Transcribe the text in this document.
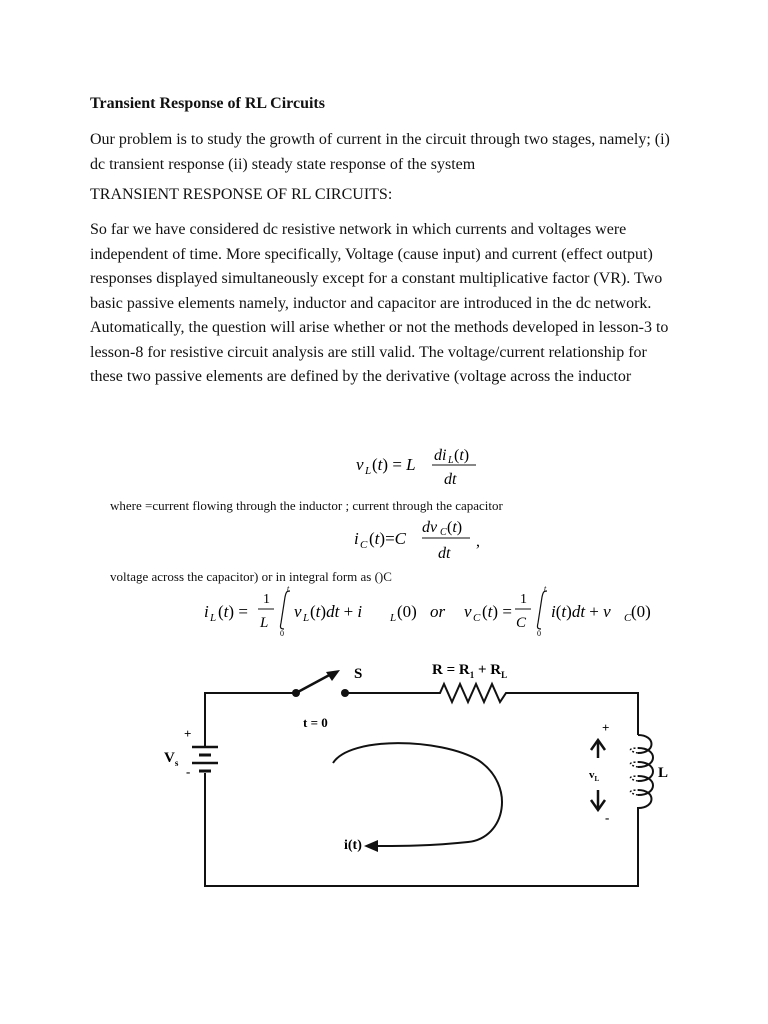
Transient Response of RL Circuits

Our problem is to study the growth of current in the circuit through two stages, namely; (i) dc transient response (ii) steady state response of the system

TRANSIENT RESPONSE OF RL CIRCUITS:

So far we have considered dc resistive network in which currents and voltages were independent of time. More specifically, Voltage (cause input) and current (effect output) responses displayed simultaneously except for a constant multiplicative factor (VR). Two basic passive elements namely, inductor and capacitor are introduced in the dc network. Automatically, the question will arise whether or not the methods developed in lesson-3 to lesson-8 for resistive circuit analysis are still valid. The voltage/current relationship for these two passive elements are defined by the derivative (voltage across the inductor

v L (t) = L di L (t)
dt
where =current flowing through the inductor ; current through the capacitor
i C (t)=C
dv C (t)
dt
,
voltage across the capacitor) or in integral form as ()C
i L (t) =
1
L
t
0
v L (t)dt + i	L (0) or v C (t) =
1
C
t
0
i(t)dt + v C (0)
S
t = 0
$R = R_1 + R_L$
+
-
$V_s$
L
+
-
$v_L$
i(t)
